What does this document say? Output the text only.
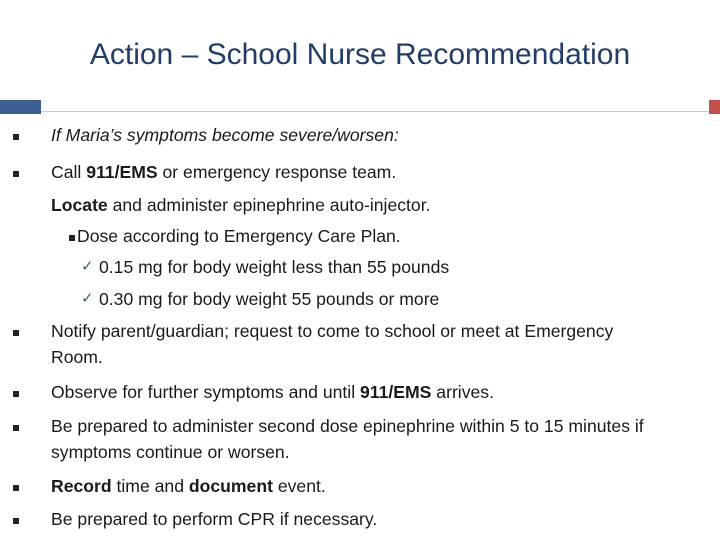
Action – School Nurse Recommendation
If Maria’s symptoms become severe/worsen:
Call 911/EMS or emergency response team.
Locate and administer epinephrine auto-injector.
Dose according to Emergency Care Plan.
✓ 0.15 mg for body weight less than 55 pounds
✓ 0.30 mg for body weight 55 pounds or more
Notify parent/guardian; request to come to school or meet at Emergency Room.
Observe for further symptoms and until 911/EMS arrives.
Be prepared to administer second dose epinephrine within 5 to 15 minutes if symptoms continue or worsen.
Record time and document event.
Be prepared to perform CPR if necessary.
